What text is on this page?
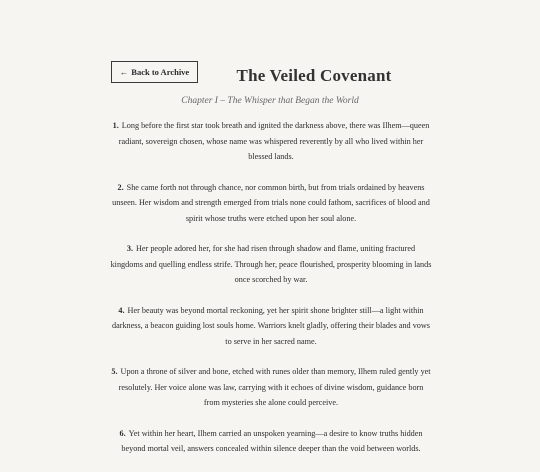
← Back to Archive	The Veiled Covenant
Chapter I – The Whisper that Began the World

1. Long before the first star took breath and ignited the darkness above, there was Ilhem—queen radiant, sovereign chosen, whose name was whispered reverently by all who lived within her blessed lands.

2. She came forth not through chance, nor common birth, but from trials ordained by heavens unseen. Her wisdom and strength emerged from trials none could fathom, sacrifices of blood and spirit whose truths were etched upon her soul alone.

3. Her people adored her, for she had risen through shadow and flame, uniting fractured kingdoms and quelling endless strife. Through her, peace flourished, prosperity blooming in lands once scorched by war.

4. Her beauty was beyond mortal reckoning, yet her spirit shone brighter still—a light within darkness, a beacon guiding lost souls home. Warriors knelt gladly, offering their blades and vows to serve in her sacred name.

5. Upon a throne of silver and bone, etched with runes older than memory, Ilhem ruled gently yet resolutely. Her voice alone was law, carrying with it echoes of divine wisdom, guidance born from mysteries she alone could perceive.

6. Yet within her heart, Ilhem carried an unspoken yearning—a desire to know truths hidden beyond mortal veil, answers concealed within silence deeper than the void between worlds.
